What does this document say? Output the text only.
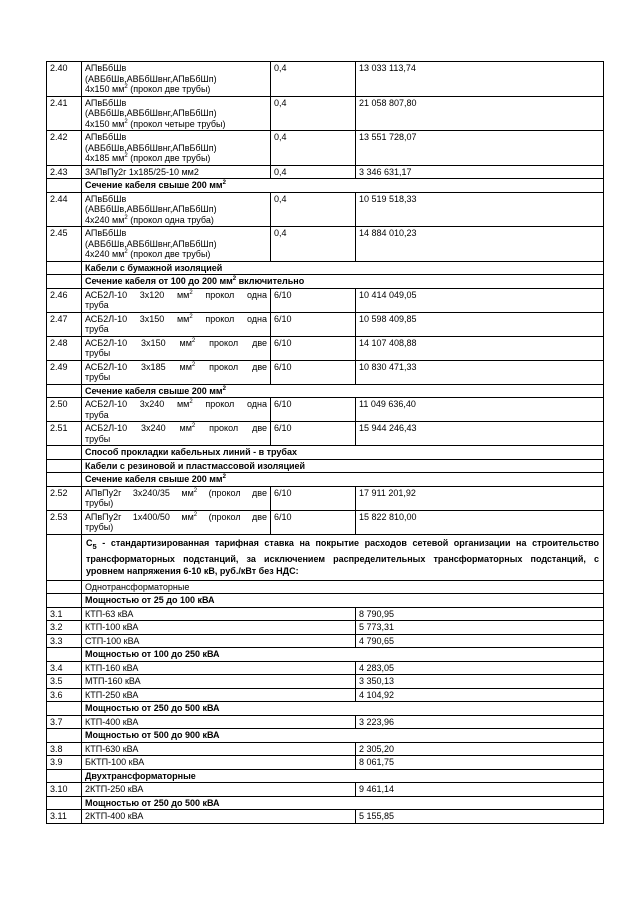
2.40	АПвБбШв
(АВБбШв,АВБбШвнг,АПвБбШп)
4х150 $мм^2$ (прокол две трубы)	0,4	13 033 113,74
2.41	АПвБбШв
(АВБбШв,АВБбШвнг,АПвБбШп)
4х150 $мм^2$ (прокол четыре трубы)	0,4	21 058 807,80
2.42	АПвБбШв
(АВБбШв,АВБбШвнг,АПвБбШп)
4х185 $мм^2$ (прокол две трубы)	0,4	13 551 728,07
2.43	3АПвПу2г 1х185/25-10 мм2	0,4	3 346 631,17
	Сечение кабеля свыше 200 $мм^2$
2.44	АПвБбШв
(АВБбШв,АВБбШвнг,АПвБбШп)
4х240 $мм^2$ (прокол одна труба)	0,4	10 519 518,33
2.45	АПвБбШв
(АВБбШв,АВБбШвнг,АПвБбШп)
4х240 $мм^2$ (прокол две трубы)	0,4	14 884 010,23
	Кабели с бумажной изоляцией		
	Сечение кабеля от 100 до 200 $мм^2$ включительно		
2.46	АСБ2Л-10 3х120 $мм^2$ прокол одна
труба	6/10	10 414 049,05
2.47	АСБ2Л-10 3х150 $мм^2$ прокол одна
труба	6/10	10 598 409,85
2.48	АСБ2Л-10 3х150 $мм^2$ прокол две
трубы	6/10	14 107 408,88
2.49	АСБ2Л-10 3х185 $мм^2$ прокол две
трубы	6/10	10 830 471,33
	Сечение кабеля свыше 200 $мм^2$
2.50	АСБ2Л-10 3х240 $мм^2$ прокол одна
труба	6/10	11 049 636,40
2.51	АСБ2Л-10 3х240 $мм^2$ прокол две
трубы	6/10	15 944 246,43
	Способ прокладки кабельных линий - в трубах		
	Кабели с резиновой и пластмассовой изоляцией		
	Сечение кабеля свыше 200 $мм^2$
2.52	АПвПу2г 3х240/35 $мм^2$ (прокол две
трубы)	6/10	17 911 201,92
2.53	АПвПу2г 1х400/50 $мм^2$ (прокол две
трубы)	6/10	15 822 810,00
	$С_5$ - стандартизированная тарифная ставка на покрытие расходов сетевой организации на строительство трансформаторных подстанций, за исключением распределительных трансформаторных подстанций, с уровнем напряжения 6-10 кВ, руб./кВт без НДС:		
	Однотрансформаторные		
	Мощностью от 25 до 100 кВА		
3.1	КТП-63 кВА		8 790,95
3.2	КТП-100 кВА		5 773,31
3.3	СТП-100 кВА		4 790,65
	Мощностью от 100 до 250 кВА		
3.4	КТП-160 кВА		4 283,05
3.5	МТП-160 кВА		3 350,13
3.6	КТП-250 кВА		4 104,92
	Мощностью от 250 до 500 кВА		
3.7	КТП-400 кВА		3 223,96
	Мощностью от 500 до 900 кВА		
3.8	КТП-630 кВА		2 305,20
3.9	БКТП-100 кВА		8 061,75
	Двухтрансформаторные		
3.10	2КТП-250 кВА		9 461,14
	Мощностью от 250 до 500 кВА		
3.11	2КТП-400 кВА		5 155,85
